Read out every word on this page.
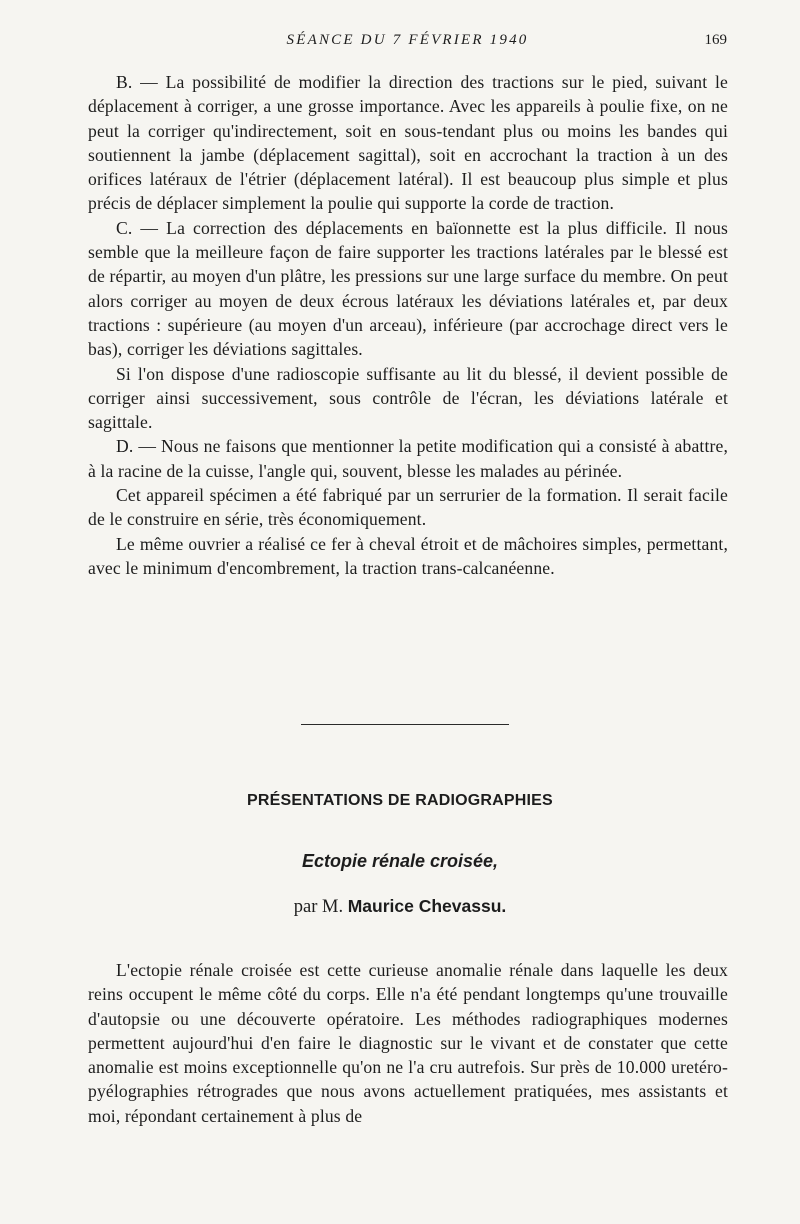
SÉANCE DU 7 FÉVRIER 1940	169

B. — La possibilité de modifier la direction des tractions sur le pied, suivant le déplacement à corriger, a une grosse importance. Avec les appareils à poulie fixe, on ne peut la corriger qu'indirectement, soit en sous-tendant plus ou moins les bandes qui soutiennent la jambe (déplacement sagittal), soit en accrochant la traction à un des orifices latéraux de l'étrier (déplacement latéral). Il est beaucoup plus simple et plus précis de déplacer simplement la poulie qui supporte la corde de traction.

C. — La correction des déplacements en baïonnette est la plus difficile. Il nous semble que la meilleure façon de faire supporter les tractions latérales par le blessé est de répartir, au moyen d'un plâtre, les pressions sur une large surface du membre. On peut alors corriger au moyen de deux écrous latéraux les déviations latérales et, par deux tractions : supérieure (au moyen d'un arceau), inférieure (par accrochage direct vers le bas), corriger les déviations sagittales.

Si l'on dispose d'une radioscopie suffisante au lit du blessé, il devient possible de corriger ainsi successivement, sous contrôle de l'écran, les déviations latérale et sagittale.

D. — Nous ne faisons que mentionner la petite modification qui a consisté à abattre, à la racine de la cuisse, l'angle qui, souvent, blesse les malades au périnée.

Cet appareil spécimen a été fabriqué par un serrurier de la formation. Il serait facile de le construire en série, très économiquement.

Le même ouvrier a réalisé ce fer à cheval étroit et de mâchoires simples, permettant, avec le minimum d'encombrement, la traction trans-calcanéenne.

PRÉSENTATIONS DE RADIOGRAPHIES
Ectopie rénale croisée,
par M. Maurice Chevassu.

L'ectopie rénale croisée est cette curieuse anomalie rénale dans laquelle les deux reins occupent le même côté du corps. Elle n'a été pendant longtemps qu'une trouvaille d'autopsie ou une découverte opératoire. Les méthodes radiographiques modernes permettent aujourd'hui d'en faire le diagnostic sur le vivant et de constater que cette anomalie est moins exceptionnelle qu'on ne l'a cru autrefois. Sur près de 10.000 uretéro-pyélographies rétrogrades que nous avons actuellement pratiquées, mes assistants et moi, répondant certainement à plus de
